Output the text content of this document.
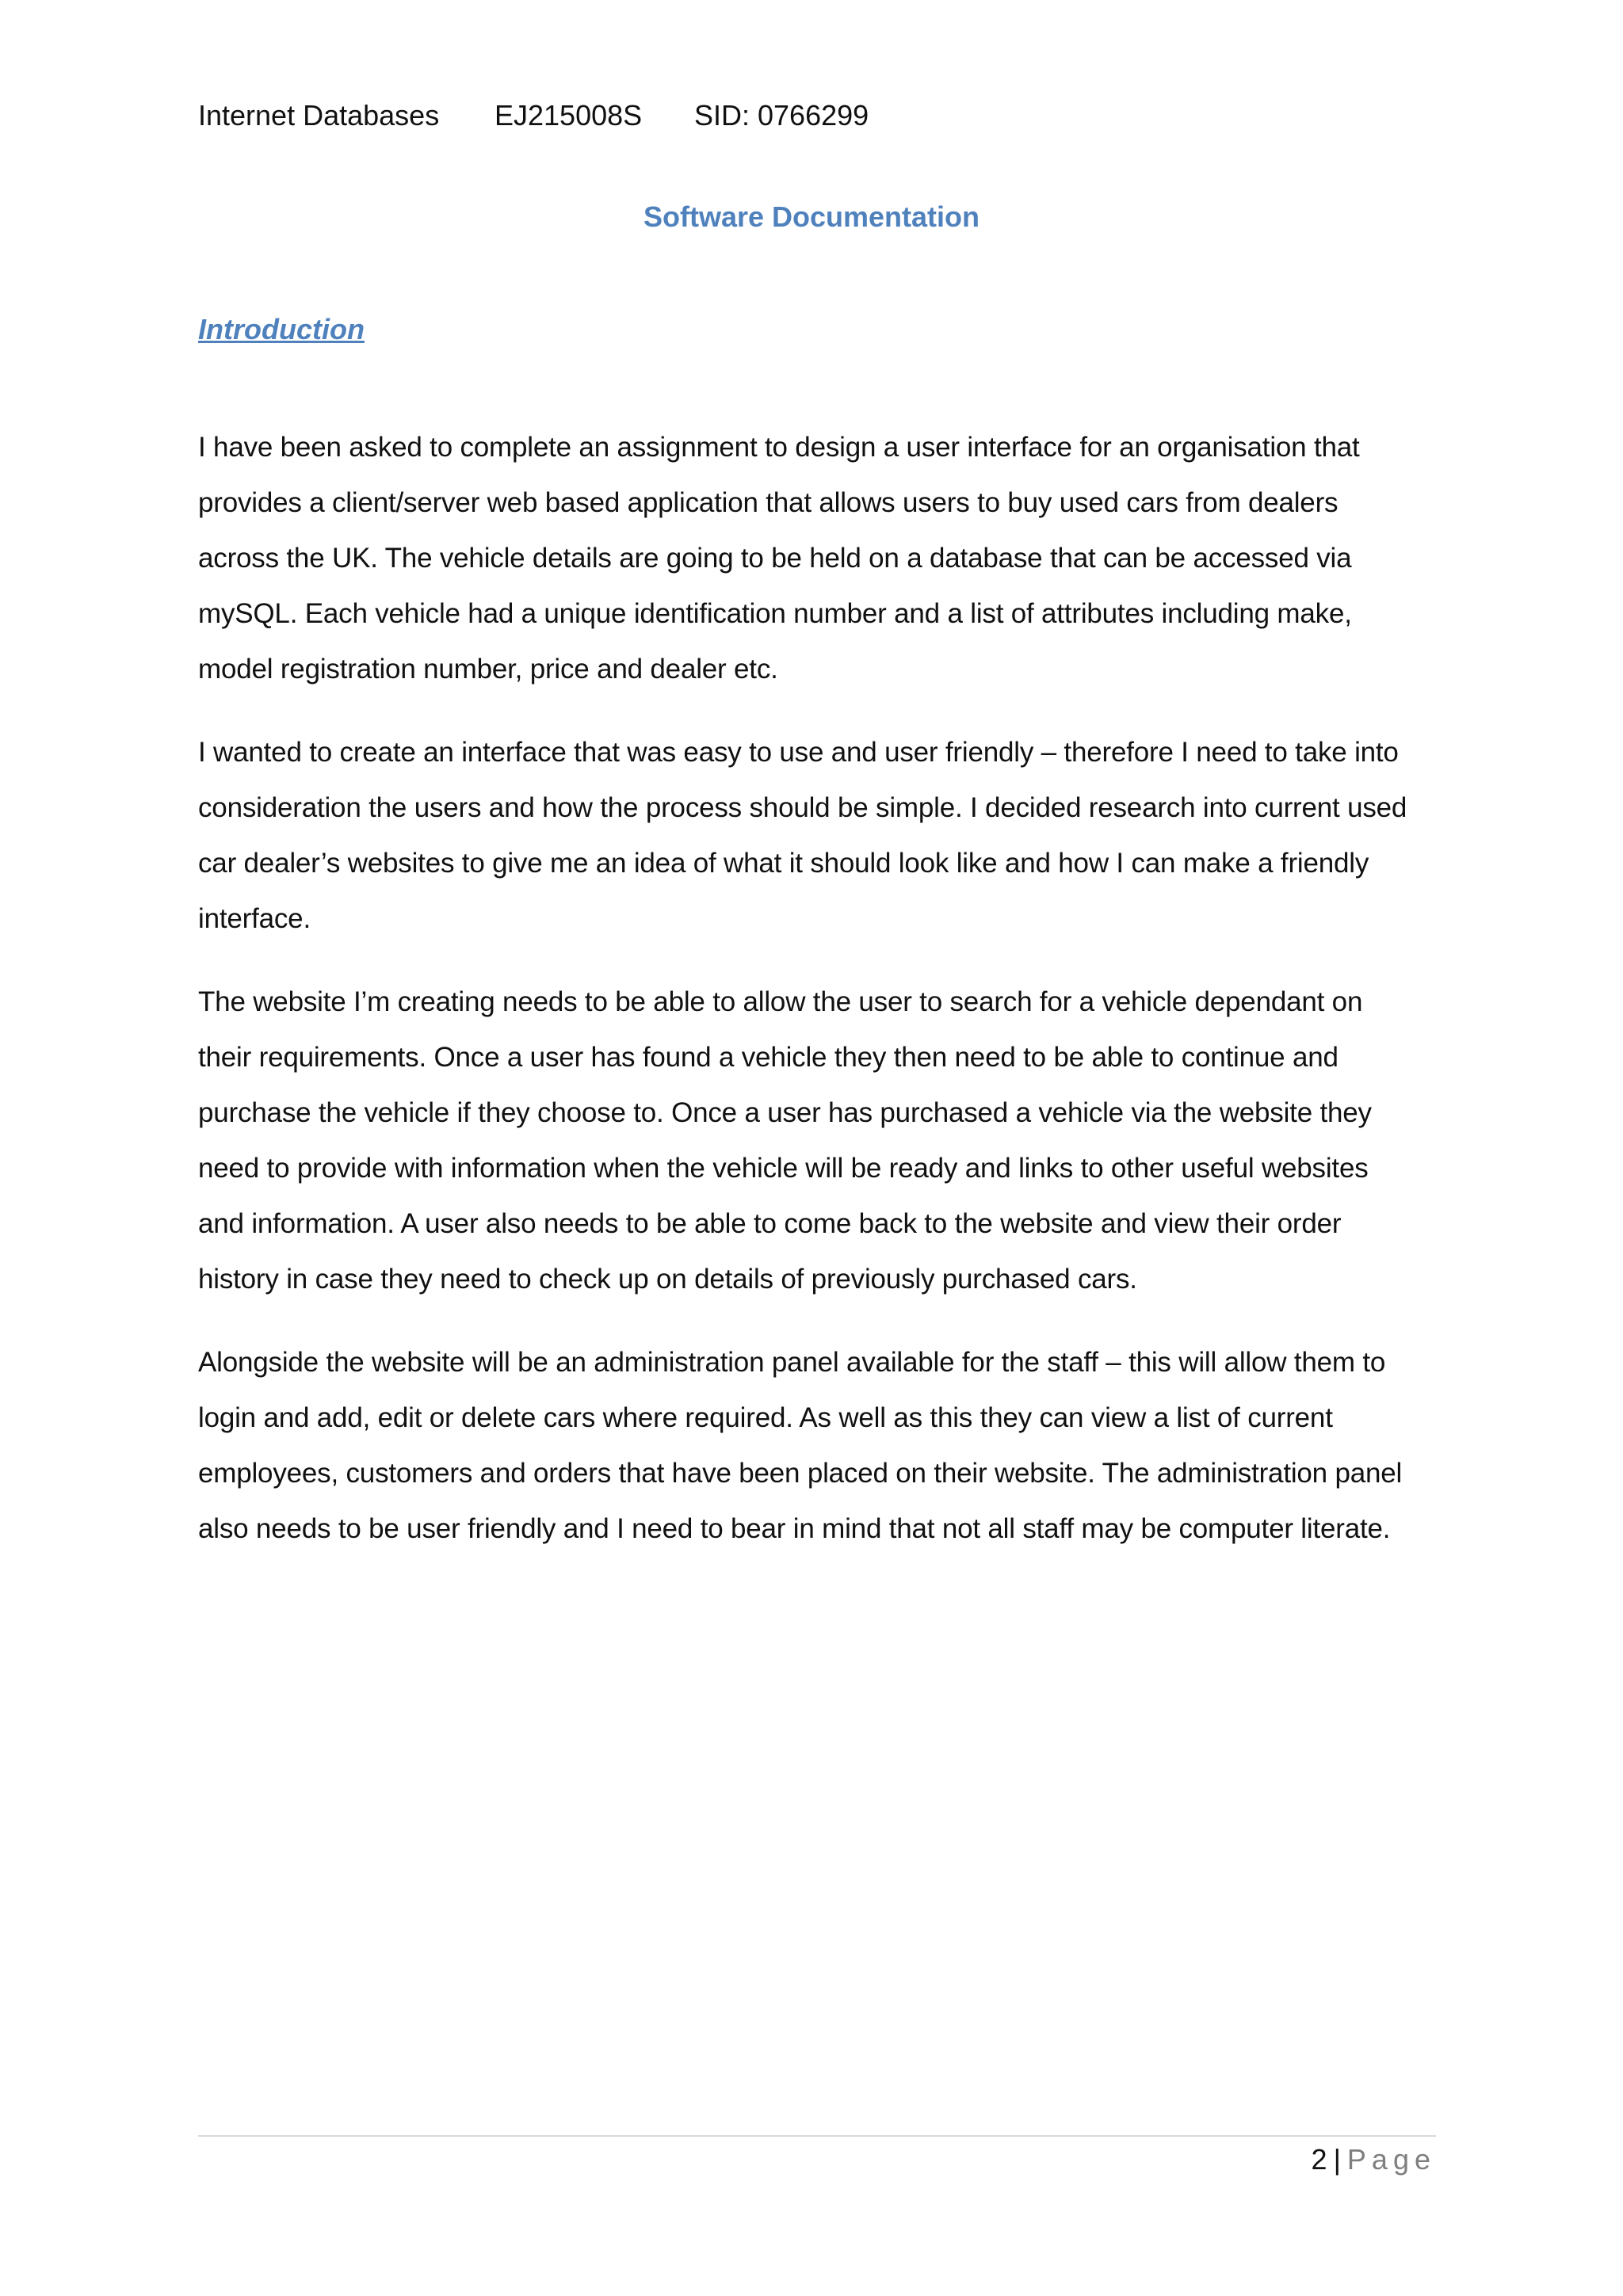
Internet Databases EJ215008S SID: 0766299
Software Documentation
Introduction

I have been asked to complete an assignment to design a user interface for an organisation that
provides a client/server web based application that allows users to buy used cars from dealers
across the UK. The vehicle details are going to be held on a database that can be accessed via
mySQL. Each vehicle had a unique identification number and a list of attributes including make,
model registration number, price and dealer etc.

I wanted to create an interface that was easy to use and user friendly – therefore I need to take into
consideration the users and how the process should be simple. I decided research into current used
car dealer’s websites to give me an idea of what it should look like and how I can make a friendly
interface.

The website I’m creating needs to be able to allow the user to search for a vehicle dependant on
their requirements. Once a user has found a vehicle they then need to be able to continue and
purchase the vehicle if they choose to. Once a user has purchased a vehicle via the website they
need to provide with information when the vehicle will be ready and links to other useful websites
and information. A user also needs to be able to come back to the website and view their order
history in case they need to check up on details of previously purchased cars.

Alongside the website will be an administration panel available for the staff – this will allow them to
login and add, edit or delete cars where required. As well as this they can view a list of current
employees, customers and orders that have been placed on their website. The administration panel
also needs to be user friendly and I need to bear in mind that not all staff may be computer literate.

2 | Page
